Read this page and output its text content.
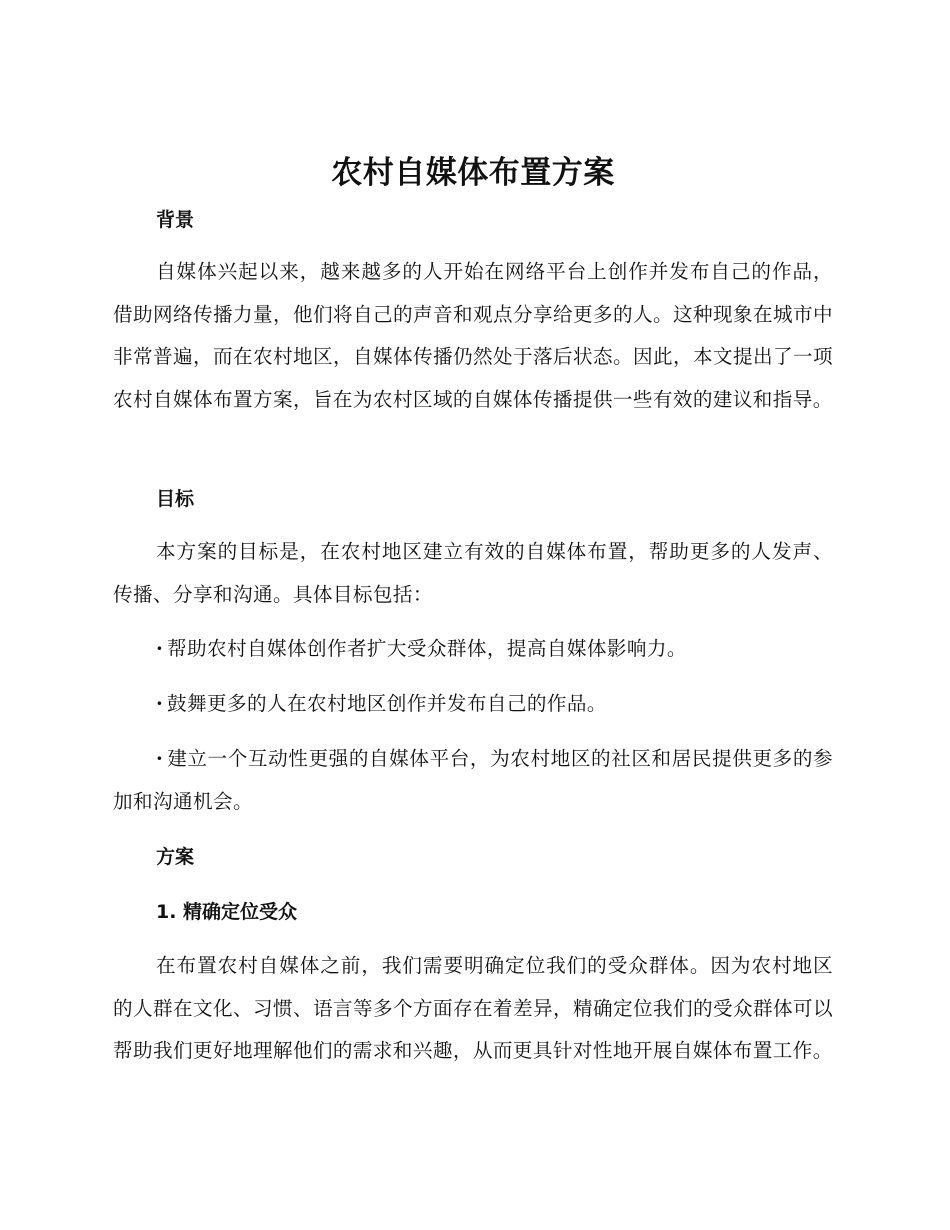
农村自媒体布置方案
背景

自媒体兴起以来，越来越多的人开始在网络平台上创作并发布自己的作品，借助网络传播力量，他们将自己的声音和观点分享给更多的人。这种现象在城市中非常普遍，而在农村地区，自媒体传播仍然处于落后状态。因此，本文提出了一项农村自媒体布置方案，旨在为农村区域的自媒体传播提供一些有效的建议和指导。

目标

本方案的目标是，在农村地区建立有效的自媒体布置，帮助更多的人发声、传播、分享和沟通。具体目标包括：

· 帮助农村自媒体创作者扩大受众群体，提高自媒体影响力。

· 鼓舞更多的人在农村地区创作并发布自己的作品。

· 建立一个互动性更强的自媒体平台，为农村地区的社区和居民提供更多的参加和沟通机会。

方案
1. 精确定位受众

在布置农村自媒体之前，我们需要明确定位我们的受众群体。因为农村地区的人群在文化、习惯、语言等多个方面存在着差异，精确定位我们的受众群体可以帮助我们更好地理解他们的需求和兴趣，从而更具针对性地开展自媒体布置工作。
